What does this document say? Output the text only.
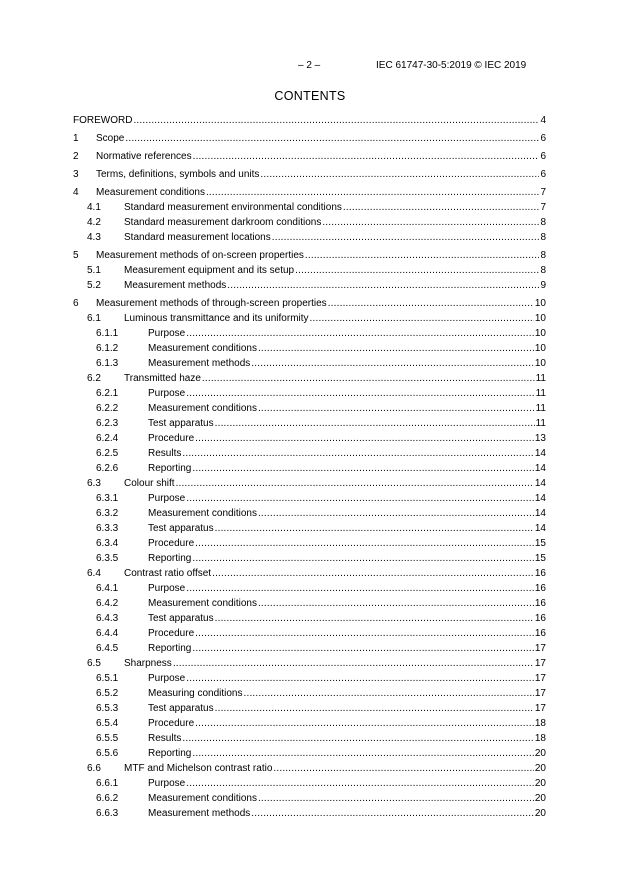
– 2 –	IEC 61747-30-5:2019 © IEC 2019
CONTENTS
FOREWORD .....	4
1 Scope .....	6
2 Normative references .....	6
3 Terms, definitions, symbols and units .....	6
4 Measurement conditions .....	7
4.1 Standard measurement environmental conditions .....	7
4.2 Standard measurement darkroom conditions .....	8
4.3 Standard measurement locations .....	8
5 Measurement methods of on-screen properties .....	8
5.1 Measurement equipment and its setup .....	8
5.2 Measurement methods .....	9
6 Measurement methods of through-screen properties .....	10
6.1 Luminous transmittance and its uniformity .....	10
6.1.1	Purpose .....	10
6.1.2	Measurement conditions .....	10
6.1.3	Measurement methods .....	10
6.2 Transmitted haze .....	11
6.2.1	Purpose .....	11
6.2.2	Measurement conditions .....	11
6.2.3	Test apparatus .....	11
6.2.4	Procedure .....	13
6.2.5	Results .....	14
6.2.6	Reporting .....	14
6.3 Colour shift .....	14
6.3.1	Purpose .....	14
6.3.2	Measurement conditions .....	14
6.3.3	Test apparatus .....	14
6.3.4	Procedure .....	15
6.3.5	Reporting .....	15
6.4 Contrast ratio offset .....	16
6.4.1	Purpose .....	16
6.4.2	Measurement conditions .....	16
6.4.3	Test apparatus .....	16
6.4.4	Procedure .....	16
6.4.5	Reporting .....	17
6.5 Sharpness .....	17
6.5.1	Purpose .....	17
6.5.2	Measuring conditions .....	17
6.5.3	Test apparatus .....	17
6.5.4	Procedure .....	18
6.5.5	Results .....	18
6.5.6	Reporting .....	20
6.6 MTF and Michelson contrast ratio .....	20
6.6.1	Purpose .....	20
6.6.2	Measurement conditions .....	20
6.6.3	Measurement methods .....	20
